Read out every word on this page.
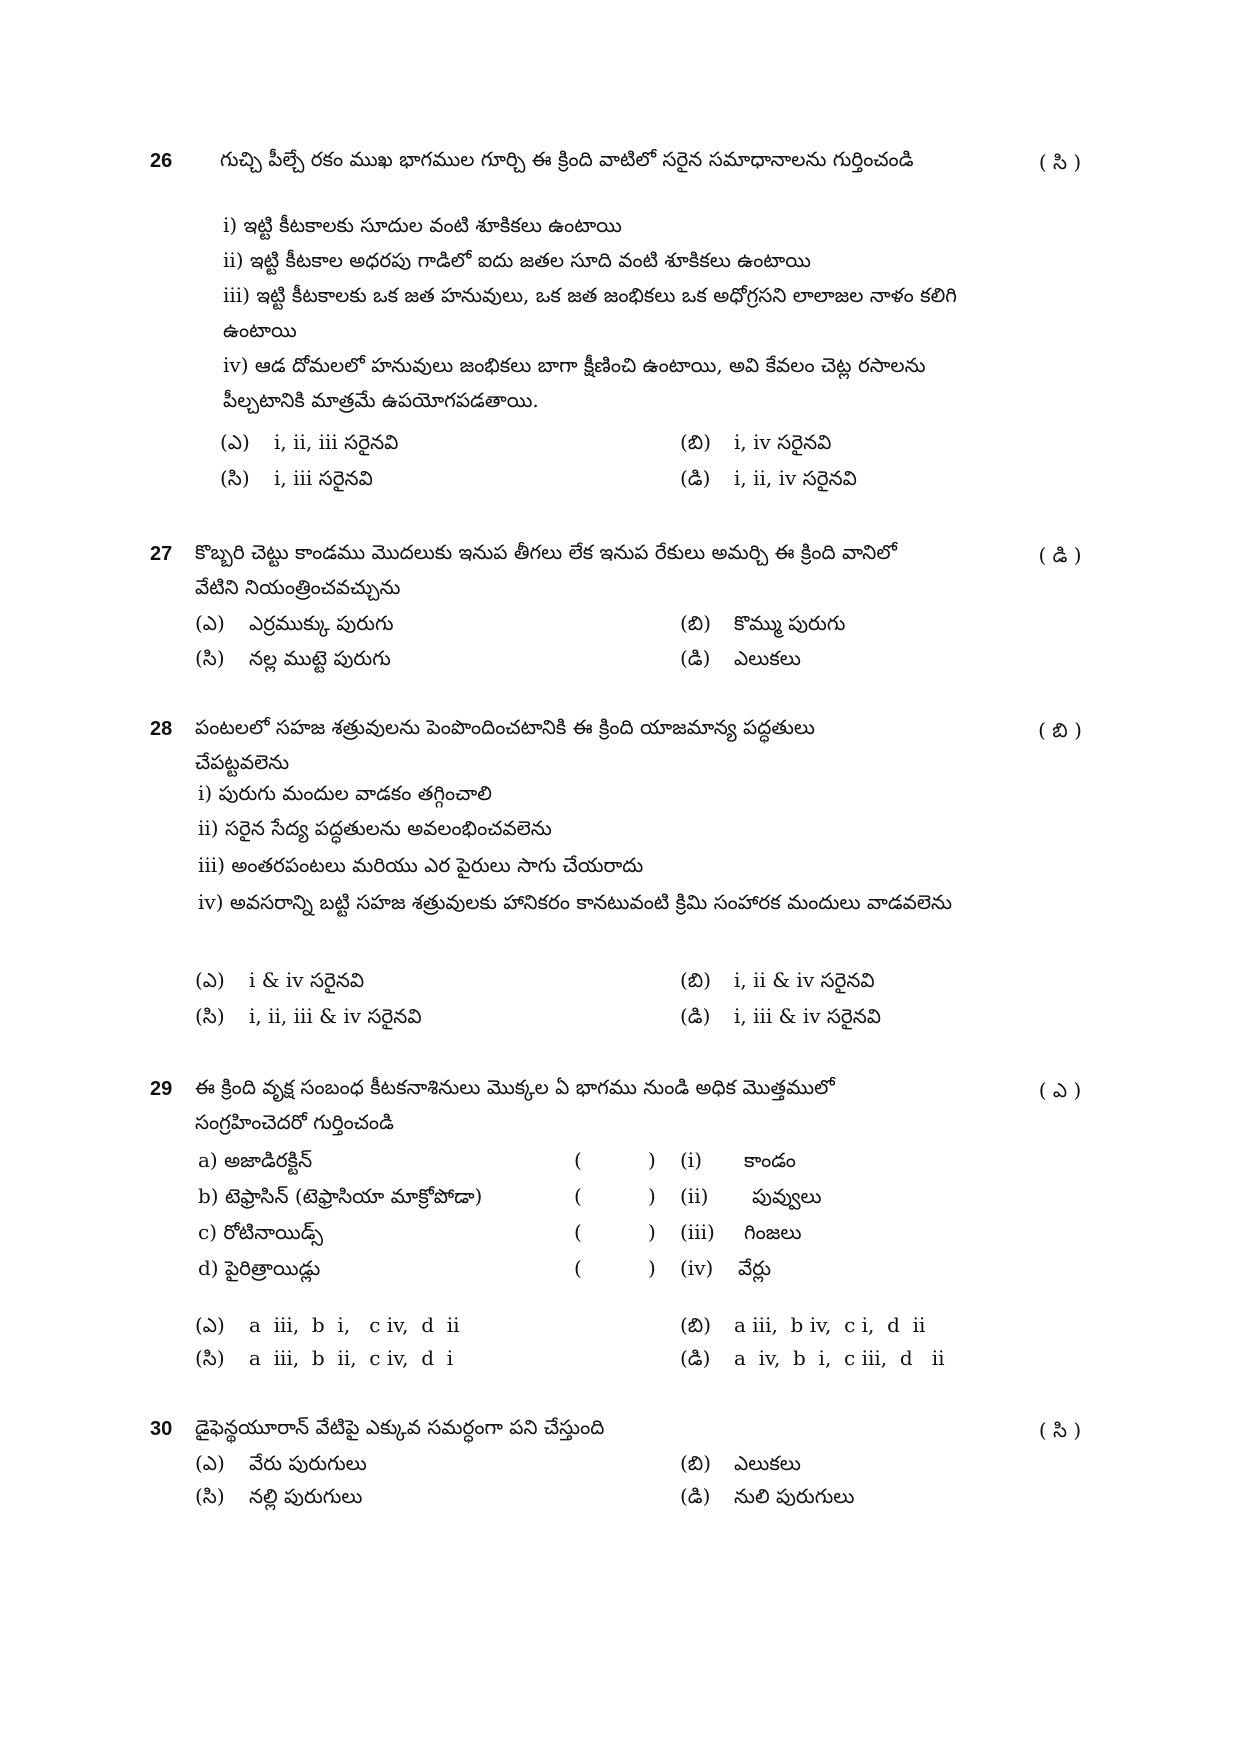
26 గుచ్చి పీల్చే రకం ముఖ భాగముల గూర్చి ఈ క్రింది వాటిలో సరైన సమాధానాలను గుర్తించండి	( సి )
i) ఇట్టి కీటకాలకు సూదుల వంటి శూకికలు ఉంటాయి
ii) ఇట్టి కీటకాల అధరపు గాడిలో ఐదు జతల సూది వంటి శూకికలు ఉంటాయి
iii) ఇట్టి కీటకాలకు ఒక జత హనువులు, ఒక జత జంభికలు ఒక అధోగ్రసని లాలాజల నాళం కలిగి ఉంటాయి
iv) ఆడ దోమలలో హనువులు జంభికలు బాగా క్షీణించి ఉంటాయి, అవి కేవలం చెట్ల రసాలను పీల్చటానికి మాత్రమే ఉపయోగపడతాయి.
(ఎ) i, ii, iii సరైనవి	(బి) i, iv సరైనవి
(సి) i, iii సరైనవి	(డి) i, ii, iv సరైనవి
27 కొబ్బరి చెట్టు కాండము మొదలుకు ఇనుప తీగలు లేక ఇనుప రేకులు అమర్చి ఈ క్రింది వానిలో వేటిని నియంత్రించవచ్చును
( డి )
(ఎ) ఎర్రముక్కు పురుగు	(బి) కొమ్ము పురుగు
(సి) నల్ల ముట్టె పురుగు	(డి) ఎలుకలు
28 పంటలలో సహజ శత్రువులను పెంపొందించటానికి ఈ క్రింది యాజమాన్య పద్ధతులు చేపట్టవలెను
( బి )
i) పురుగు మందుల వాడకం తగ్గించాలి
ii) సరైన సేద్య పద్ధతులను అవలంభించవలెను
iii) అంతరపంటలు మరియు ఎర పైరులు సాగు చేయరాదు
iv) అవసరాన్ని బట్టి సహజ శత్రువులకు హానికరం కానటువంటి క్రిమి సంహారక మందులు వాడవలెను
(ఎ) i & iv సరైనవి	(బి) i, ii & iv సరైనవి
(సి) i, ii, iii & iv సరైనవి	(డి) i, iii & iv సరైనవి
29 ఈ క్రింది వృక్ష సంబంధ కీటకనాశినులు మొక్కల ఏ భాగము నుండి అధిక మొత్తములో సంగ్రహించెదరో గుర్తించండి
( ఎ )
a) అజాడిరక్టిన్	(	) (i) కాండం
b) టెఫ్రాసిన్ (టెఫ్రాసియా మాక్రోపోడా)	(	) (ii) పువ్వులు
c) రోటినాయిడ్స్	(	) (iii) గింజలు
d) పైరిత్రాయిడ్లు	(	) (iv) వేర్లు
(ఎ) a  iii,  b  i,   c iv,  d  ii	(బి) a iii,  b iv,  c i,  d  ii
(సి) a  iii,  b  ii,  c iv,  d  i	(డి) a  iv,  b  i,  c iii,  d   ii
30 డైఫెన్థయూరాన్ వేటిపై ఎక్కువ సమర్ధంగా పని చేస్తుంది	( సి )
(ఎ) వేరు పురుగులు	(బి) ఎలుకలు
(సి) నల్లి పురుగులు	(డి) నులి పురుగులు
